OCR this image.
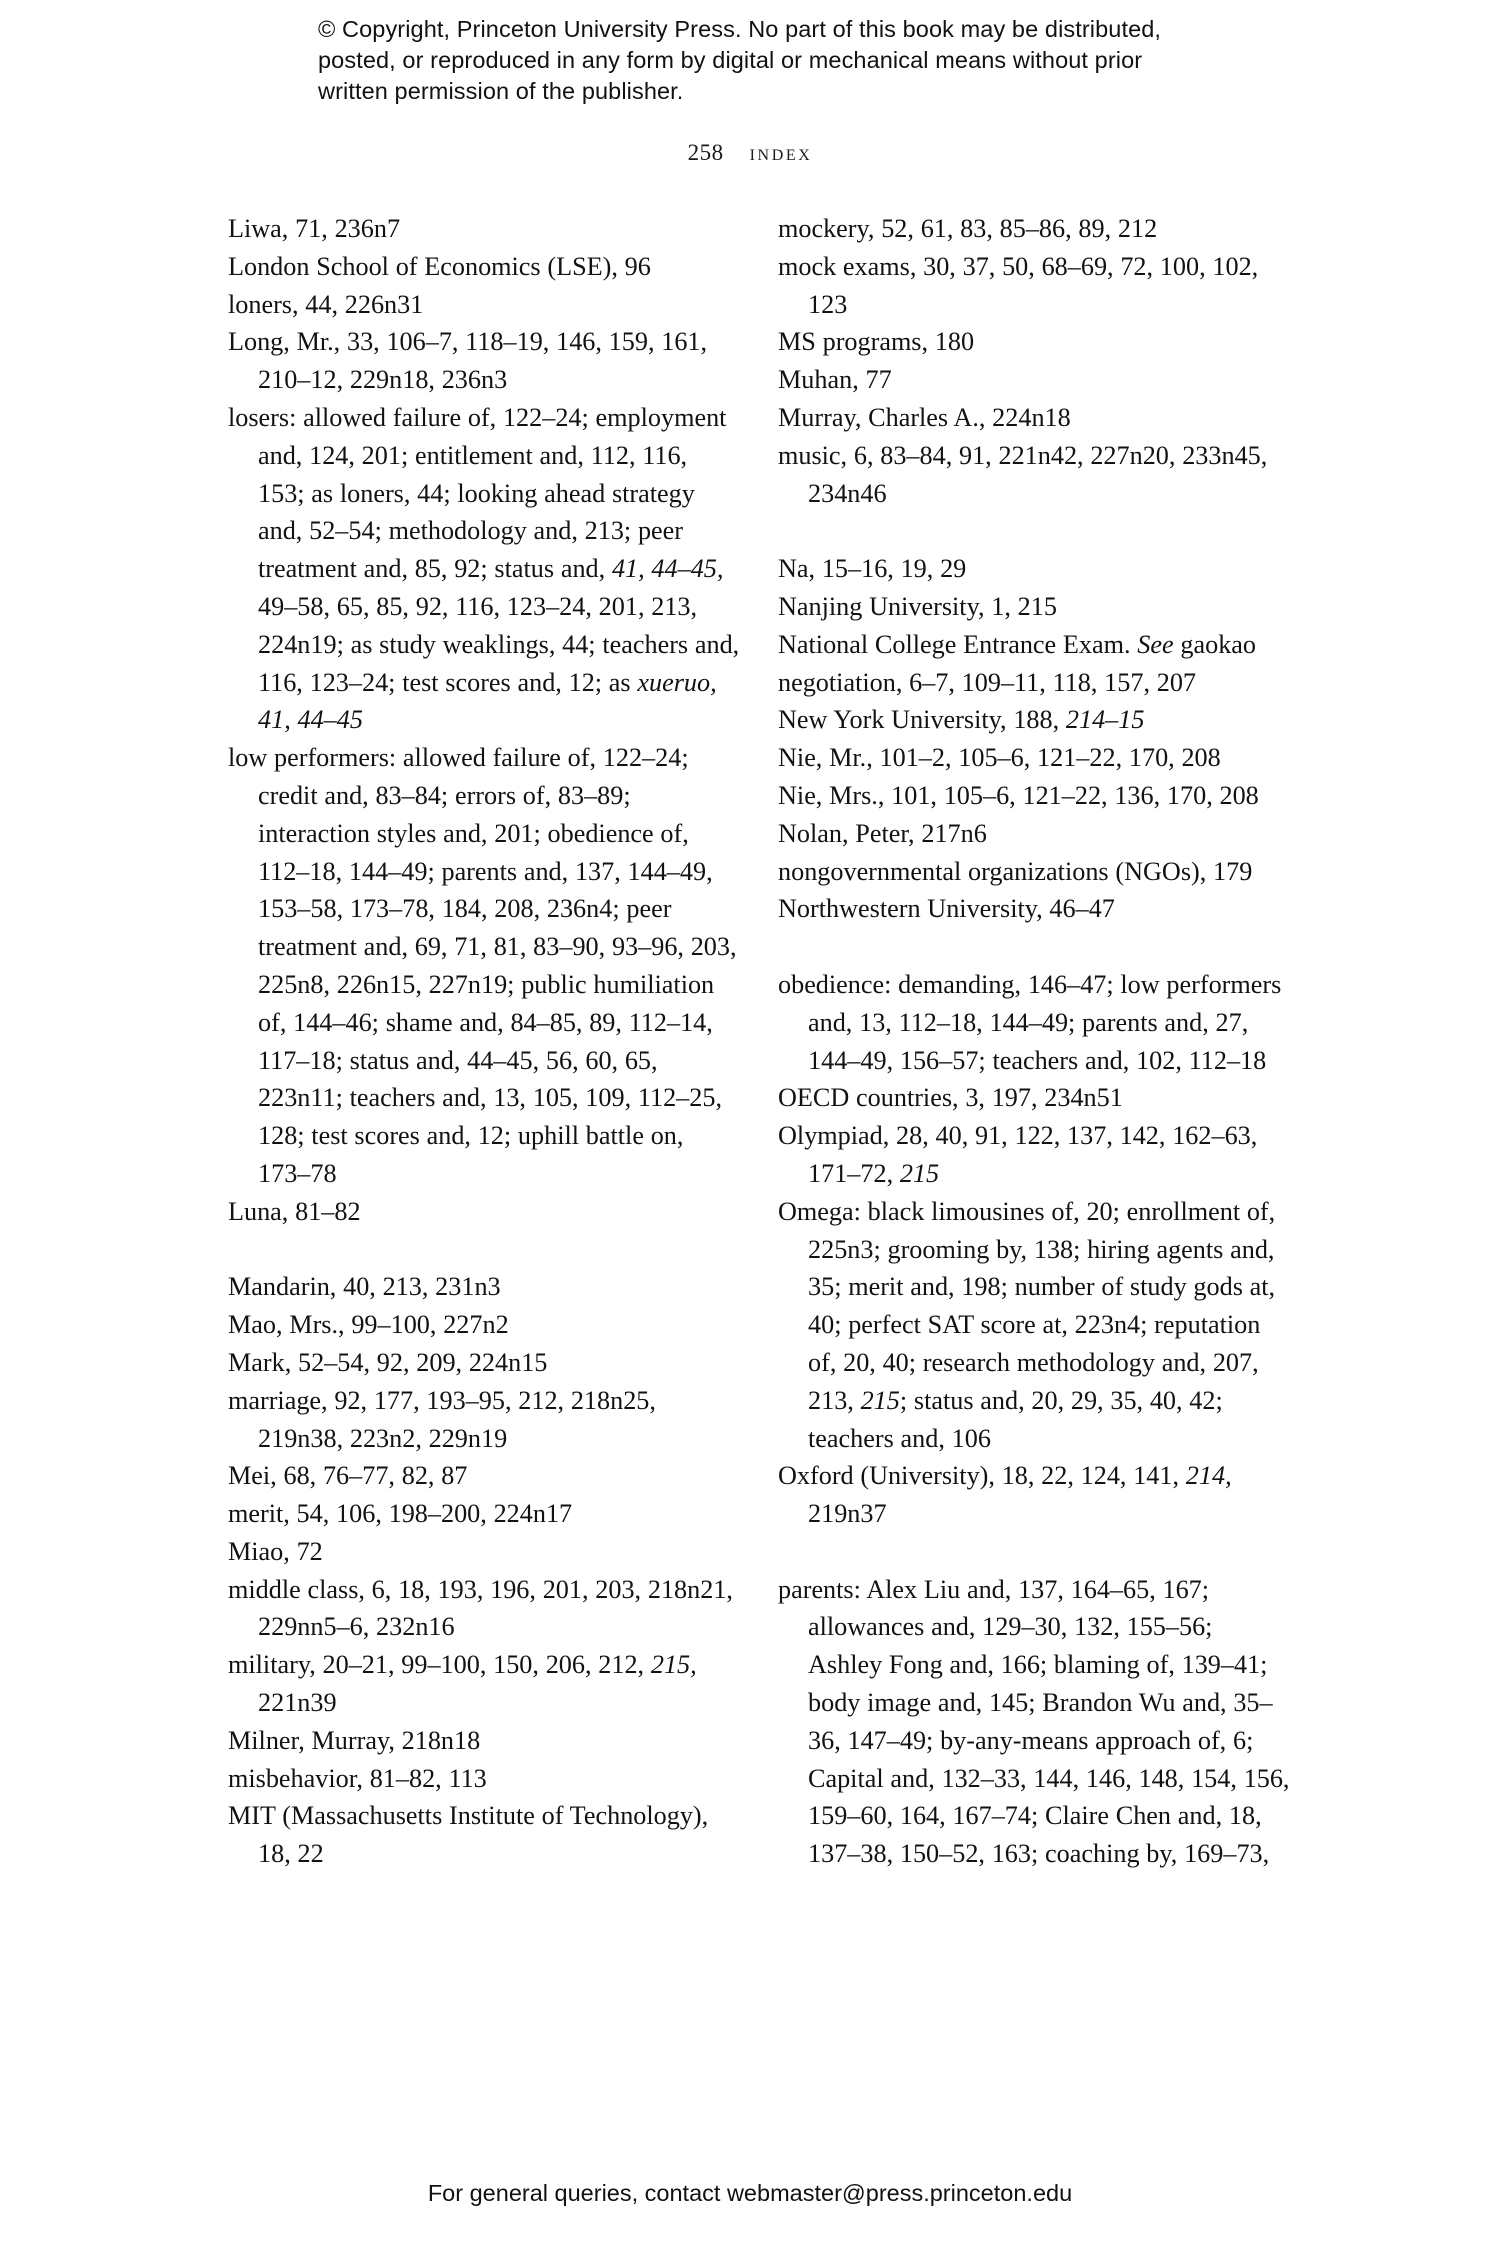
© Copyright, Princeton University Press. No part of this book may be distributed, posted, or reproduced in any form by digital or mechanical means without prior written permission of the publisher.
258 index

Liwa, 71, 236n7

London School of Economics (LSE), 96

loners, 44, 226n31

Long, Mr., 33, 106–7, 118–19, 146, 159, 161, 210–12, 229n18, 236n3

losers: allowed failure of, 122–24; employment and, 124, 201; entitlement and, 112, 116, 153; as loners, 44; looking ahead strategy and, 52–54; methodology and, 213; peer treatment and, 85, 92; status and, 41, 44–45, 49–58, 65, 85, 92, 116, 123–24, 201, 213, 224n19; as study weaklings, 44; teachers and, 116, 123–24; test scores and, 12; as xueruo, 41, 44–45

low performers: allowed failure of, 122–24; credit and, 83–84; errors of, 83–89; interaction styles and, 201; obedience of, 112–18, 144–49; parents and, 137, 144–49, 153–58, 173–78, 184, 208, 236n4; peer treatment and, 69, 71, 81, 83–90, 93–96, 203, 225n8, 226n15, 227n19; public humiliation of, 144–46; shame and, 84–85, 89, 112–14, 117–18; status and, 44–45, 56, 60, 65, 223n11; teachers and, 13, 105, 109, 112–25, 128; test scores and, 12; uphill battle on, 173–78

Luna, 81–82

Mandarin, 40, 213, 231n3

Mao, Mrs., 99–100, 227n2

Mark, 52–54, 92, 209, 224n15

marriage, 92, 177, 193–95, 212, 218n25, 219n38, 223n2, 229n19

Mei, 68, 76–77, 82, 87

merit, 54, 106, 198–200, 224n17

Miao, 72

middle class, 6, 18, 193, 196, 201, 203, 218n21, 229nn5–6, 232n16

military, 20–21, 99–100, 150, 206, 212, 215, 221n39

Milner, Murray, 218n18

misbehavior, 81–82, 113

MIT (Massachusetts Institute of Technology), 18, 22

mockery, 52, 61, 83, 85–86, 89, 212

mock exams, 30, 37, 50, 68–69, 72, 100, 102, 123

MS programs, 180

Muhan, 77

Murray, Charles A., 224n18

music, 6, 83–84, 91, 221n42, 227n20, 233n45, 234n46

Na, 15–16, 19, 29

Nanjing University, 1, 215

National College Entrance Exam. See gaokao

negotiation, 6–7, 109–11, 118, 157, 207

New York University, 188, 214–15

Nie, Mr., 101–2, 105–6, 121–22, 170, 208

Nie, Mrs., 101, 105–6, 121–22, 136, 170, 208

Nolan, Peter, 217n6

nongovernmental organizations (NGOs), 179

Northwestern University, 46–47

obedience: demanding, 146–47; low performers and, 13, 112–18, 144–49; parents and, 27, 144–49, 156–57; teachers and, 102, 112–18

OECD countries, 3, 197, 234n51

Olympiad, 28, 40, 91, 122, 137, 142, 162–63, 171–72, 215

Omega: black limousines of, 20; enrollment of, 225n3; grooming by, 138; hiring agents and, 35; merit and, 198; number of study gods at, 40; perfect SAT score at, 223n4; reputation of, 20, 40; research methodology and, 207, 213, 215; status and, 20, 29, 35, 40, 42; teachers and, 106

Oxford (University), 18, 22, 124, 141, 214, 219n37

parents: Alex Liu and, 137, 164–65, 167; allowances and, 129–30, 132, 155–56; Ashley Fong and, 166; blaming of, 139–41; body image and, 145; Brandon Wu and, 35–36, 147–49; by-any-means approach of, 6; Capital and, 132–33, 144, 146, 148, 154, 156, 159–60, 164, 167–74; Claire Chen and, 18, 137–38, 150–52, 163; coaching by, 169–73,

For general queries, contact webmaster@press.princeton.edu
